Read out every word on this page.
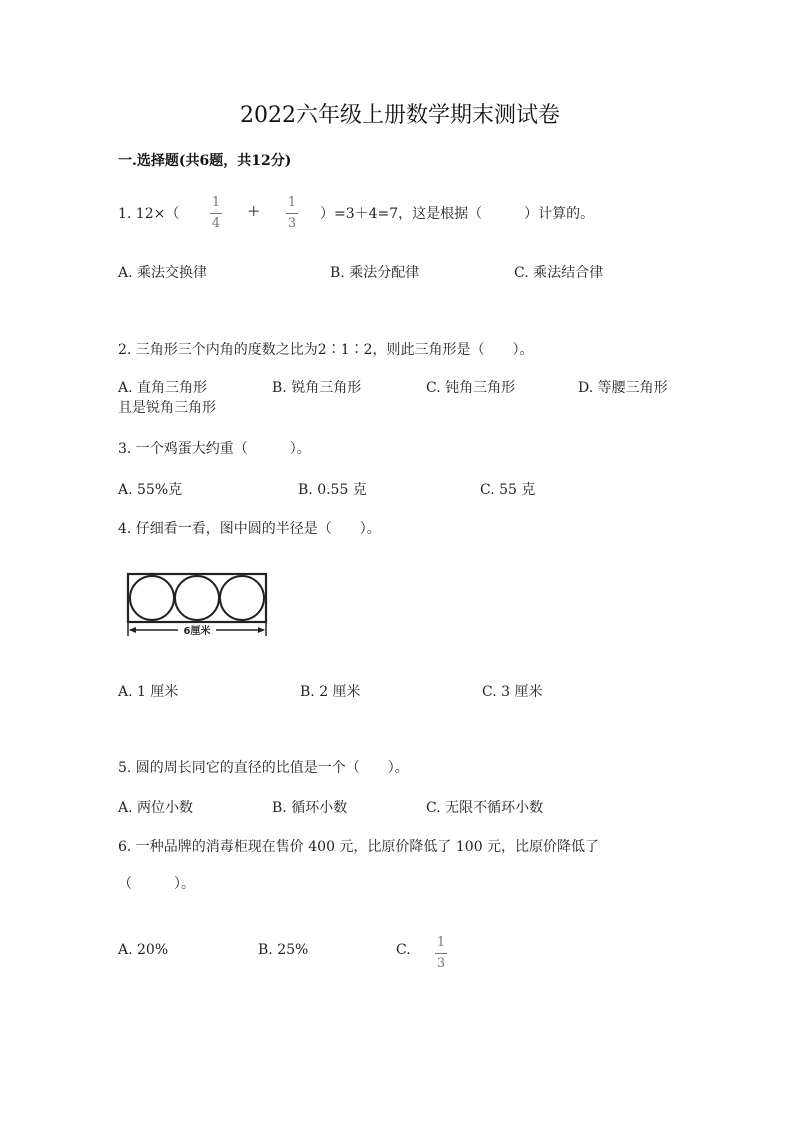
2022六年级上册数学期末测试卷
一.选择题(共6题，共12分)
1. 12×（
1
4
+ 1
3
）=3＋4=7，这是根据（　　　）计算的。
A. 乘法交换律	B. 乘法分配律	C. 乘法结合律
2. 三角形三个内角的度数之比为2∶1∶2，则此三角形是（　　）。
A. 直角三角形	B. 锐角三角形	C. 钝角三角形	D. 等腰三角形
且是锐角三角形
3. 一个鸡蛋大约重（　　　）。
A. 55%克	B. 0.55 克	C. 55 克
4. 仔细看一看，图中圆的半径是（　　）。
6厘米
A. 1 厘米	B. 2 厘米	C. 3 厘米
5. 圆的周长同它的直径的比值是一个（　　）。
A. 两位小数	B. 循环小数	C. 无限不循环小数
6. 一种品牌的消毒柜现在售价 400 元，比原价降低了 100 元，比原价降低了
（　　　）。
A. 20%	B. 25%	C. 1
3
